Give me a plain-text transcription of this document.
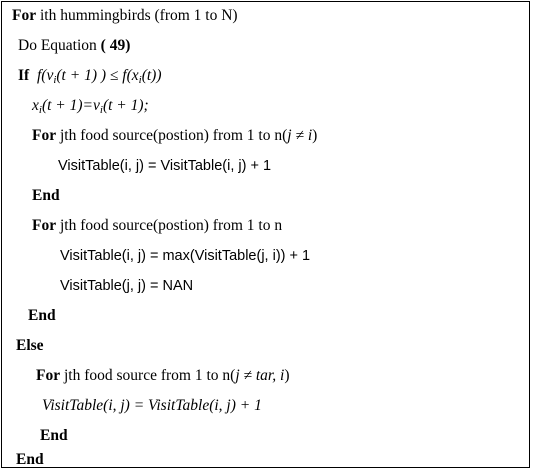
For ith hummingbirds (from 1 to N)
Do Equation ( 49)
If $f(v_i(t + 1)$ ) ≤ $f(x_i(t))$
$x_i(t + 1)=v_i(t + 1)$;
For jth food source(postion) from 1 to n(j ≠ i)
VisitTable(i, j) = VisitTable(i, j) + 1
End
For jth food source(postion) from 1 to n
VisitTable(i, j) = max(VisitTable(j, i)) + 1
VisitTable(j, j) = NAN
End
Else
For jth food source from 1 to n(j ≠ tar, i)
VisitTable(i, j) = VisitTable(i, j) + 1
End
End
